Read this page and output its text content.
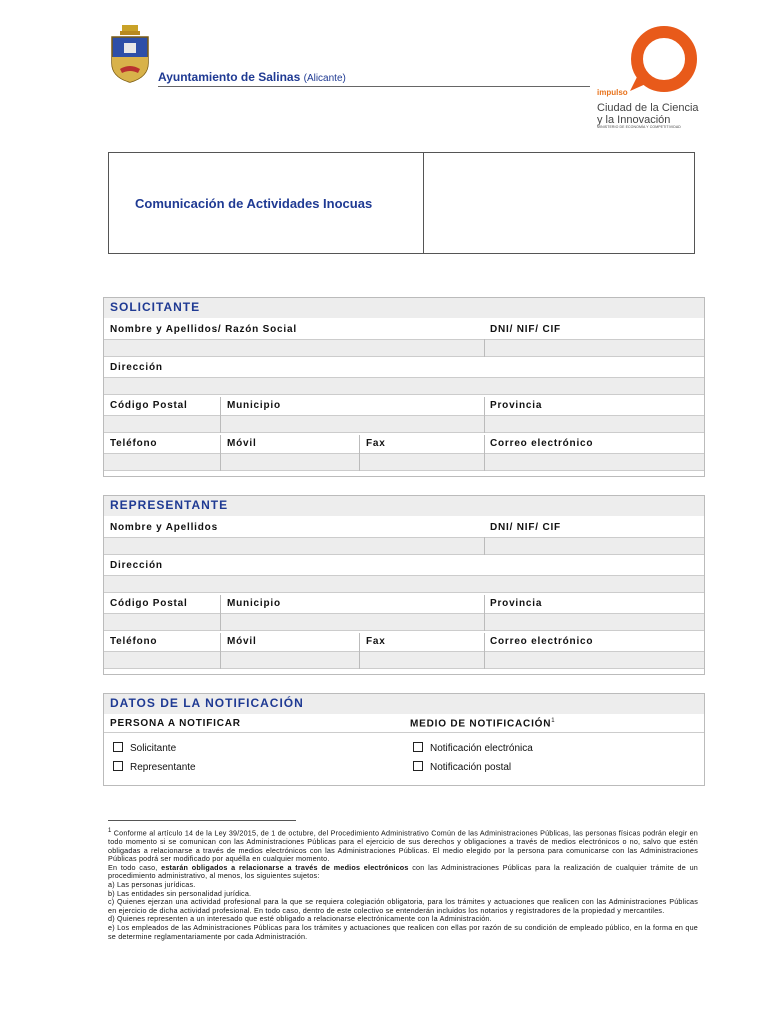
Ayuntamiento de Salinas (Alicante)
impulso
Ciudad de la Ciencia
y la Innovación
MINISTERIO DE ECONOMÍA Y COMPETITIVIDAD
Comunicación de Actividades Inocuas
SOLICITANTE
Nombre y Apellidos/ Razón Social	DNI/ NIF/ CIF
Dirección
Código Postal	Municipio	Provincia
Teléfono	Móvil	Fax	Correo electrónico
REPRESENTANTE
Nombre y Apellidos	DNI/ NIF/ CIF
Dirección
Código Postal	Municipio	Provincia
Teléfono	Móvil	Fax	Correo electrónico
DATOS DE LA NOTIFICACIÓN
PERSONA A NOTIFICAR	MEDIO DE NOTIFICACIÓN$^1$
Solicitante
Representante
Notificación electrónica
Notificación postal

$^1$ Conforme al artículo 14 de la Ley 39/2015, de 1 de octubre, del Procedimiento Administrativo Común de las Administraciones Públicas, las personas físicas podrán elegir en todo momento si se comunican con las Administraciones Públicas para el ejercicio de sus derechos y obligaciones a través de medios electrónicos o no, salvo que estén obligadas a relacionarse a través de medios electrónicos con las Administraciones Públicas. El medio elegido por la persona para comunicarse con las Administraciones Públicas podrá ser modificado por aquélla en cualquier momento.

En todo caso, estarán obligados a relacionarse a través de medios electrónicos con las Administraciones Públicas para la realización de cualquier trámite de un procedimiento administrativo, al menos, los siguientes sujetos:

a) Las personas jurídicas.

b) Las entidades sin personalidad jurídica.

c) Quienes ejerzan una actividad profesional para la que se requiera colegiación obligatoria, para los trámites y actuaciones que realicen con las Administraciones Públicas en ejercicio de dicha actividad profesional. En todo caso, dentro de este colectivo se entenderán incluidos los notarios y registradores de la propiedad y mercantiles.

d) Quienes representen a un interesado que esté obligado a relacionarse electrónicamente con la Administración.

e) Los empleados de las Administraciones Públicas para los trámites y actuaciones que realicen con ellas por razón de su condición de empleado público, en la forma en que se determine reglamentariamente por cada Administración.
